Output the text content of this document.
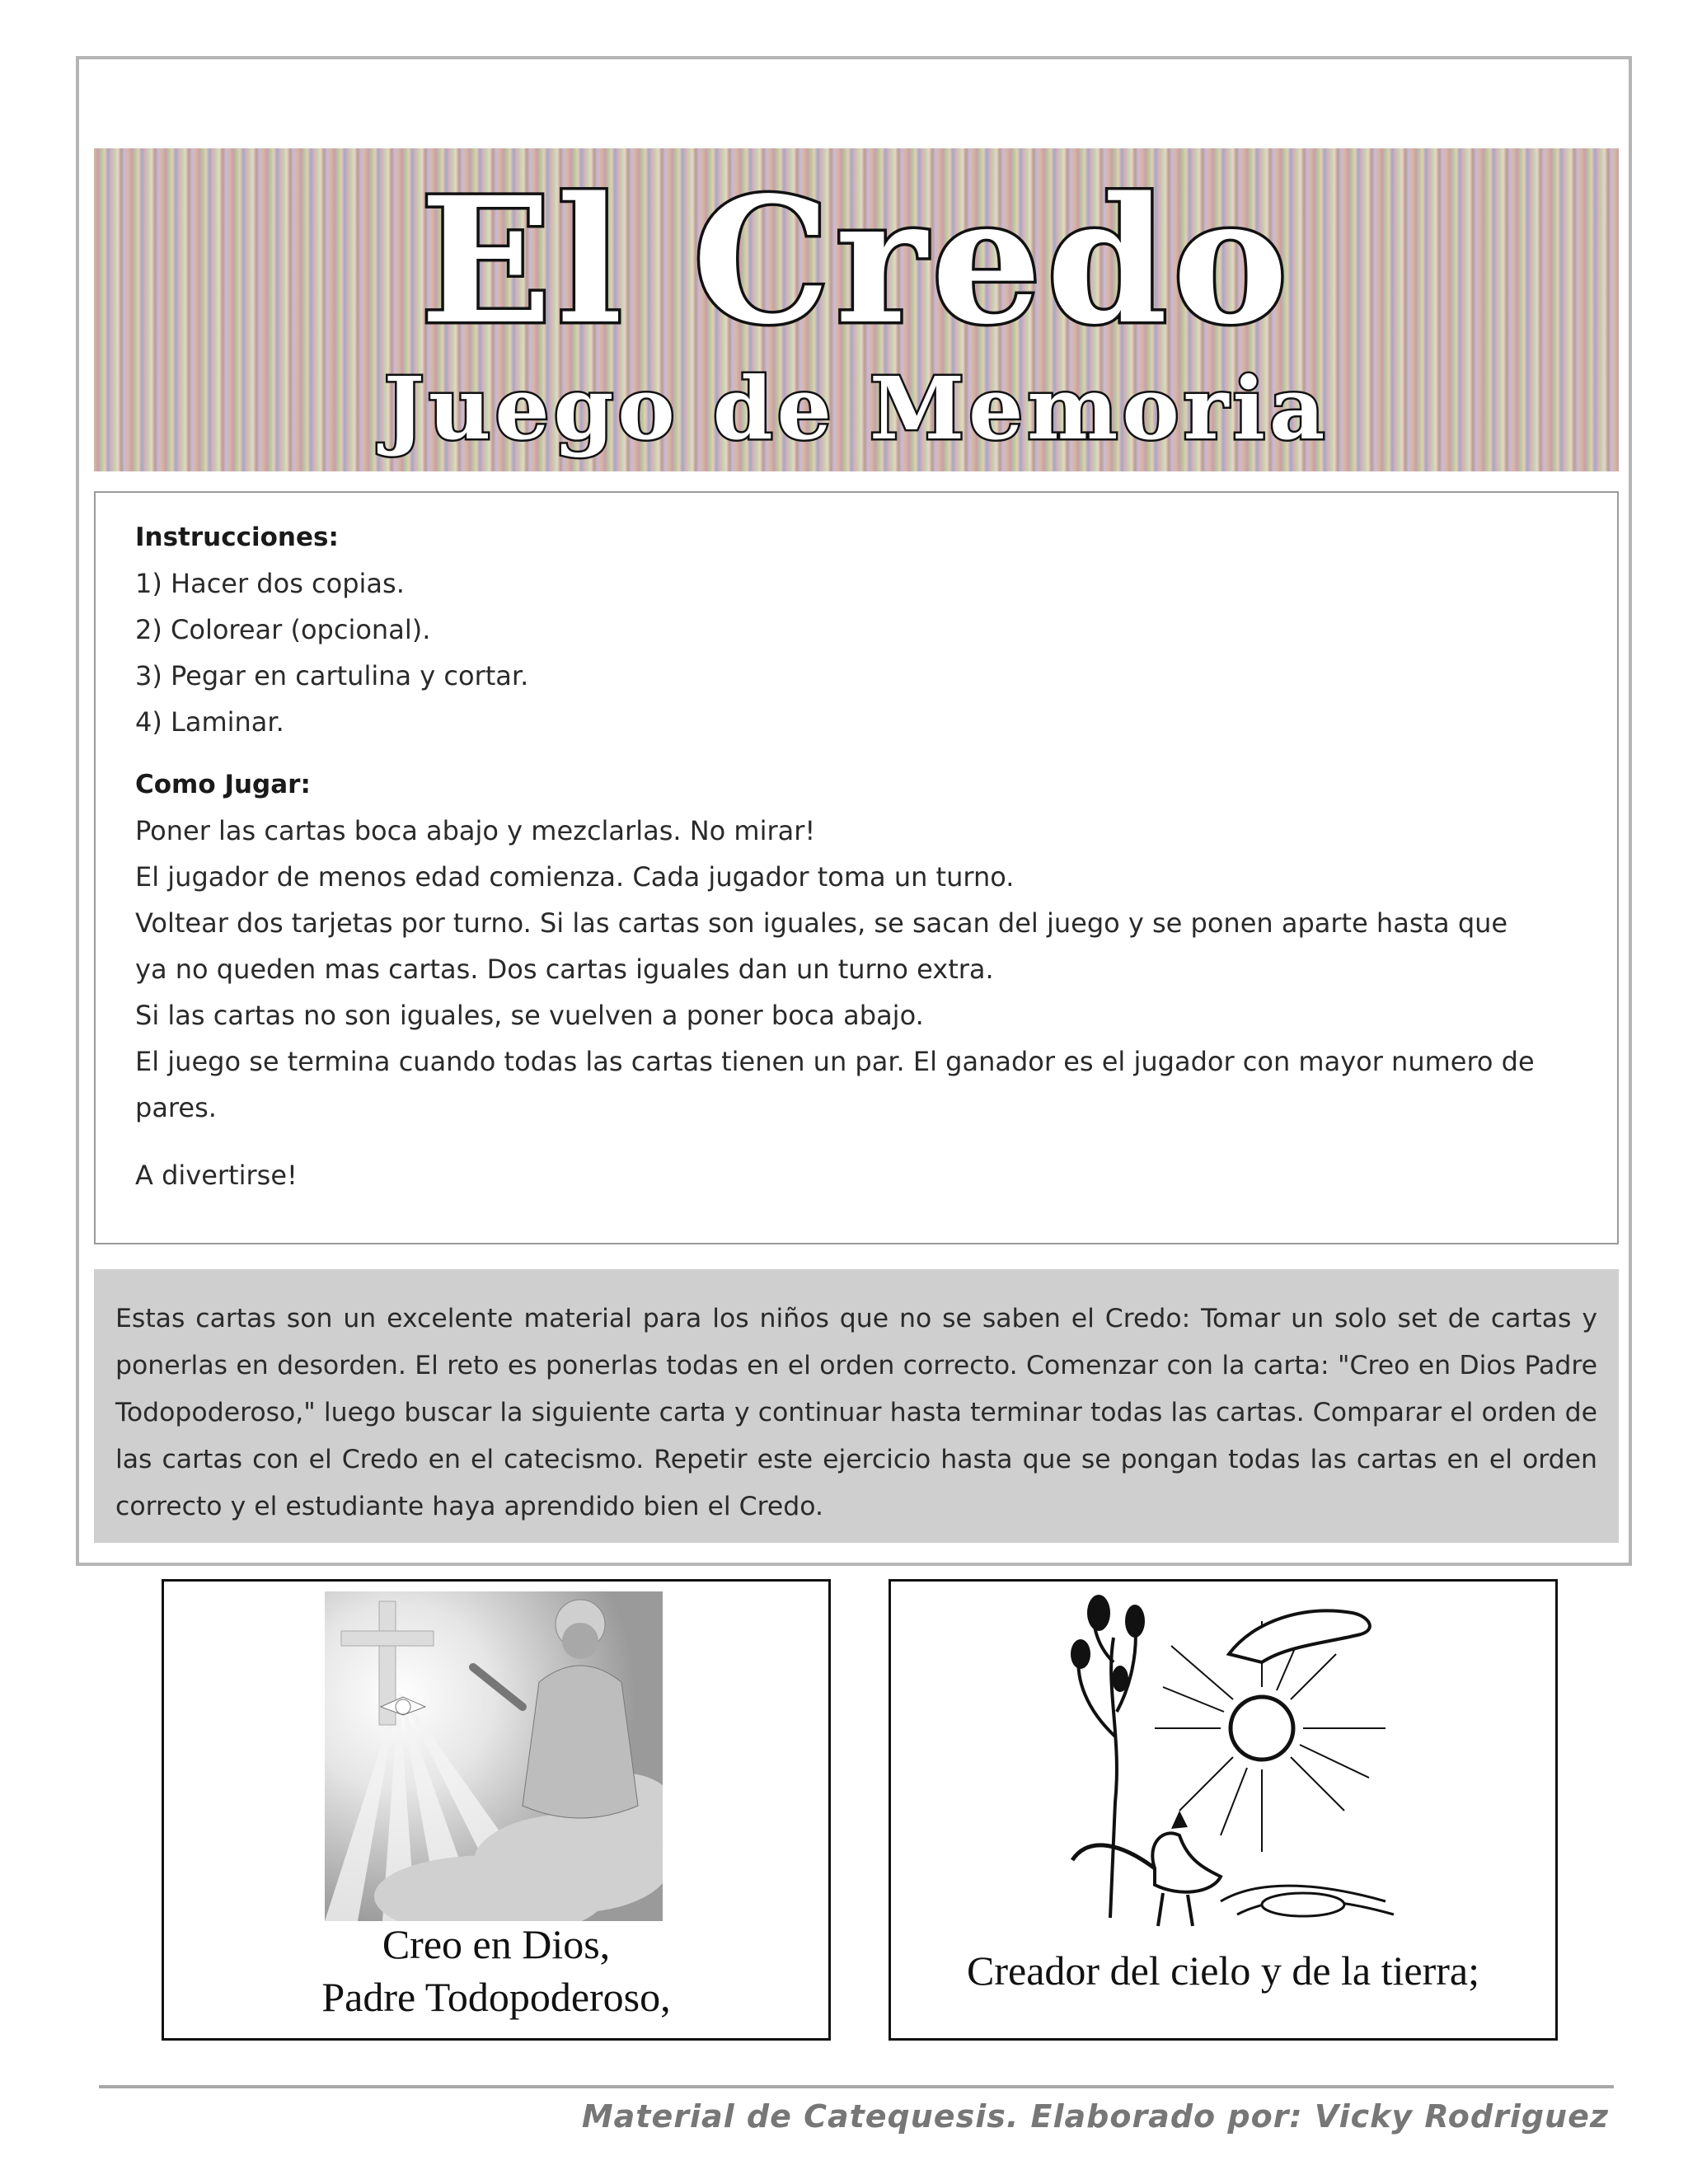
El Credo
Juego de Memoria

Instrucciones:

1) Hacer dos copias.

2) Colorear (opcional).

3) Pegar en cartulina y cortar.

4) Laminar.

Como Jugar:

Poner las cartas boca abajo y mezclarlas. No mirar!

El jugador de menos edad comienza. Cada jugador toma un turno.

Voltear dos tarjetas por turno. Si las cartas son iguales, se sacan del juego y se ponen aparte hasta que

ya no queden mas cartas. Dos cartas iguales dan un turno extra.

Si las cartas no son iguales, se vuelven a poner boca abajo.

El juego se termina cuando todas las cartas tienen un par. El ganador es el jugador con mayor numero de

pares.

A divertirse!

Estas cartas son un excelente material para los niños que no se saben el Credo: Tomar un solo set de cartas y ponerlas en desorden. El reto es ponerlas todas en el orden correcto. Comenzar con la carta: "Creo en Dios Padre Todopoderoso," luego buscar la siguiente carta y continuar hasta terminar todas las cartas. Comparar el orden de las cartas con el Credo en el catecismo. Repetir este ejercicio hasta que se pongan todas las cartas en el orden correcto y el estudiante haya aprendido bien el Credo.

Creo en Dios,
Padre Todopoderoso,
Creador del cielo y de la tierra;
Material de Catequesis. Elaborado por: Vicky Rodriguez
